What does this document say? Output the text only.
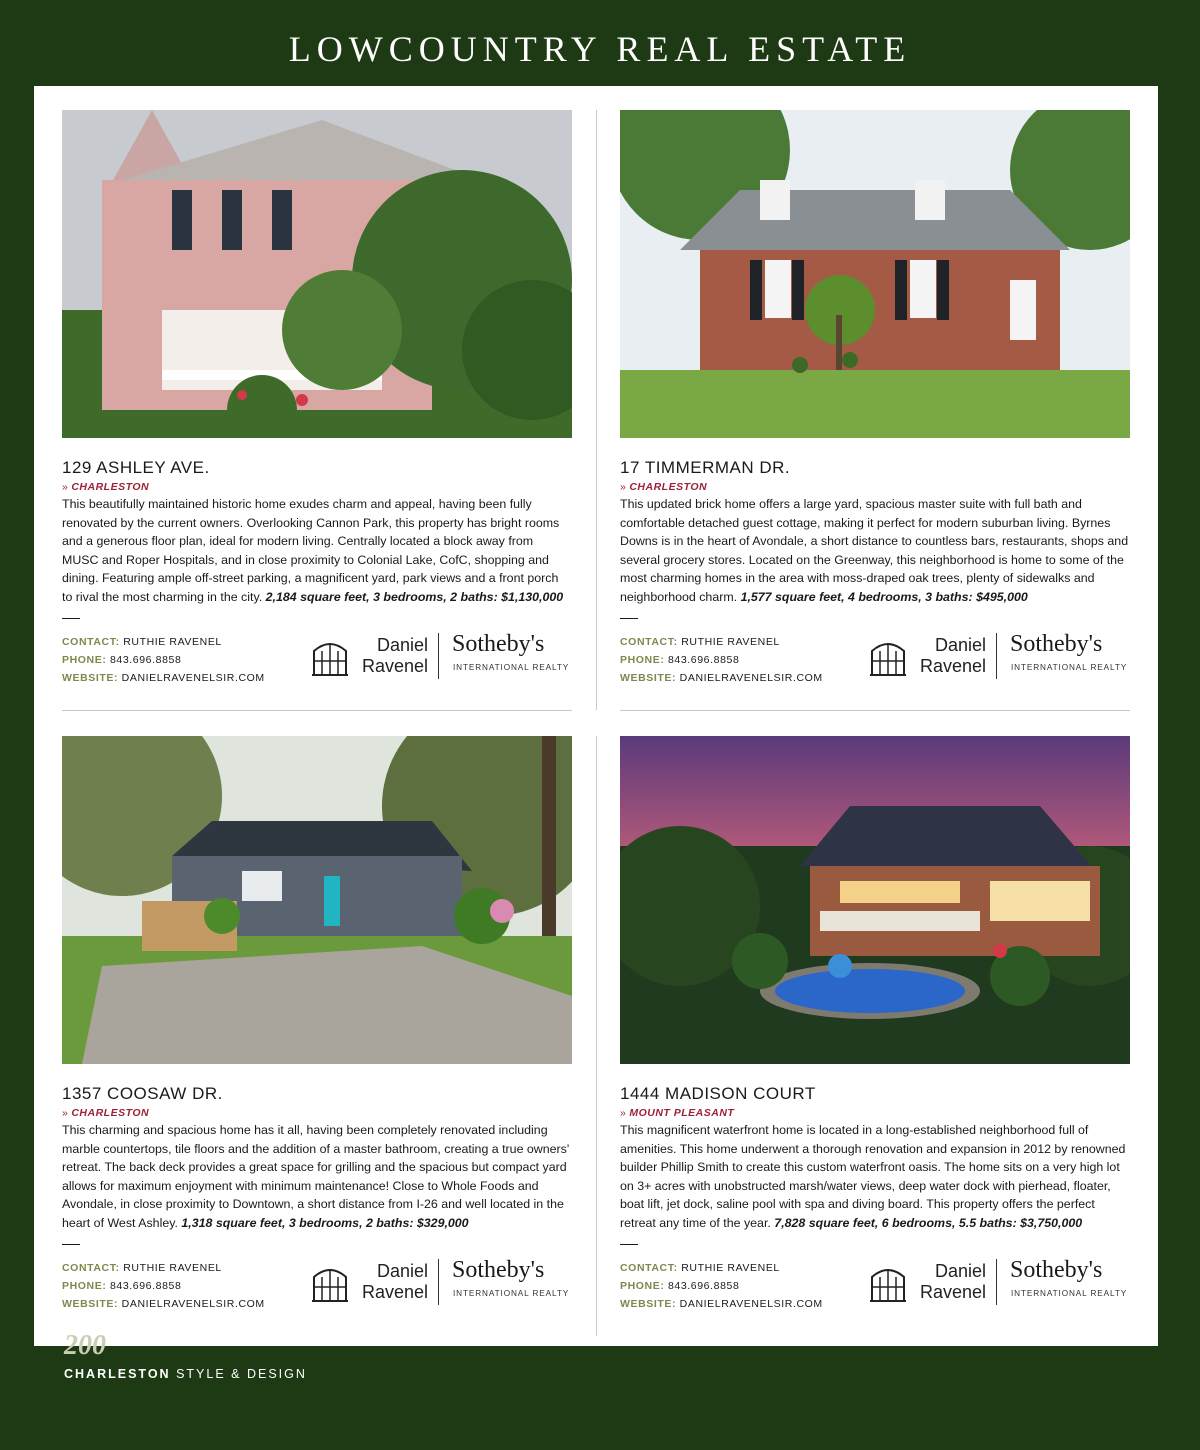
LOWCOUNTRY REAL ESTATE
129 ASHLEY AVE.
» CHARLESTON
This beautifully maintained historic home exudes charm and appeal, having been fully renovated by the current owners. Overlooking Cannon Park, this property has bright rooms and a generous floor plan, ideal for modern living. Centrally located a block away from MUSC and Roper Hospitals, and in close proximity to Colonial Lake, CofC, shopping and dining. Featuring ample off-street parking, a magnificent yard, park views and a front porch to rival the most charming in the city. 2,184 square feet, 3 bedrooms, 2 baths: $1,130,000
CONTACT: RUTHIE RAVENEL
PHONE: 843.696.8858
WEBSITE: DANIELRAVENELSIR.COM
Daniel
Ravenel
Sotheby's
INTERNATIONAL REALTY
17 TIMMERMAN DR.
» CHARLESTON
This updated brick home offers a large yard, spacious master suite with full bath and comfortable detached guest cottage, making it perfect for modern suburban living. Byrnes Downs is in the heart of Avondale, a short distance to countless bars, restaurants, shops and several grocery stores. Located on the Greenway, this neighborhood is home to some of the most charming homes in the area with moss-draped oak trees, plenty of sidewalks and neighborhood charm. 1,577 square feet, 4 bedrooms, 3 baths: $495,000
CONTACT: RUTHIE RAVENEL
PHONE: 843.696.8858
WEBSITE: DANIELRAVENELSIR.COM
Daniel
Ravenel
Sotheby's
INTERNATIONAL REALTY
1357 COOSAW DR.
» CHARLESTON
This charming and spacious home has it all, having been completely renovated including marble countertops, tile floors and the addition of a master bathroom, creating a true owners' retreat. The back deck provides a great space for grilling and the spacious but compact yard allows for maximum enjoyment with minimum maintenance! Close to Whole Foods and Avondale, in close proximity to Downtown, a short distance from I-26 and well located in the heart of West Ashley. 1,318 square feet, 3 bedrooms, 2 baths: $329,000
CONTACT: RUTHIE RAVENEL
PHONE: 843.696.8858
WEBSITE: DANIELRAVENELSIR.COM
Daniel
Ravenel
Sotheby's
INTERNATIONAL REALTY
1444 MADISON COURT
» MOUNT PLEASANT
This magnificent waterfront home is located in a long-established neighborhood full of amenities. This home underwent a thorough renovation and expansion in 2012 by renowned builder Phillip Smith to create this custom waterfront oasis. The home sits on a very high lot on 3+ acres with unobstructed marsh/water views, deep water dock with pierhead, floater, boat lift, jet dock, saline pool with spa and diving board. This property offers the perfect retreat any time of the year. 7,828 square feet, 6 bedrooms, 5.5 baths: $3,750,000
CONTACT: RUTHIE RAVENEL
PHONE: 843.696.8858
WEBSITE: DANIELRAVENELSIR.COM
Daniel
Ravenel
Sotheby's
INTERNATIONAL REALTY
200
CHARLESTON STYLE & DESIGN
